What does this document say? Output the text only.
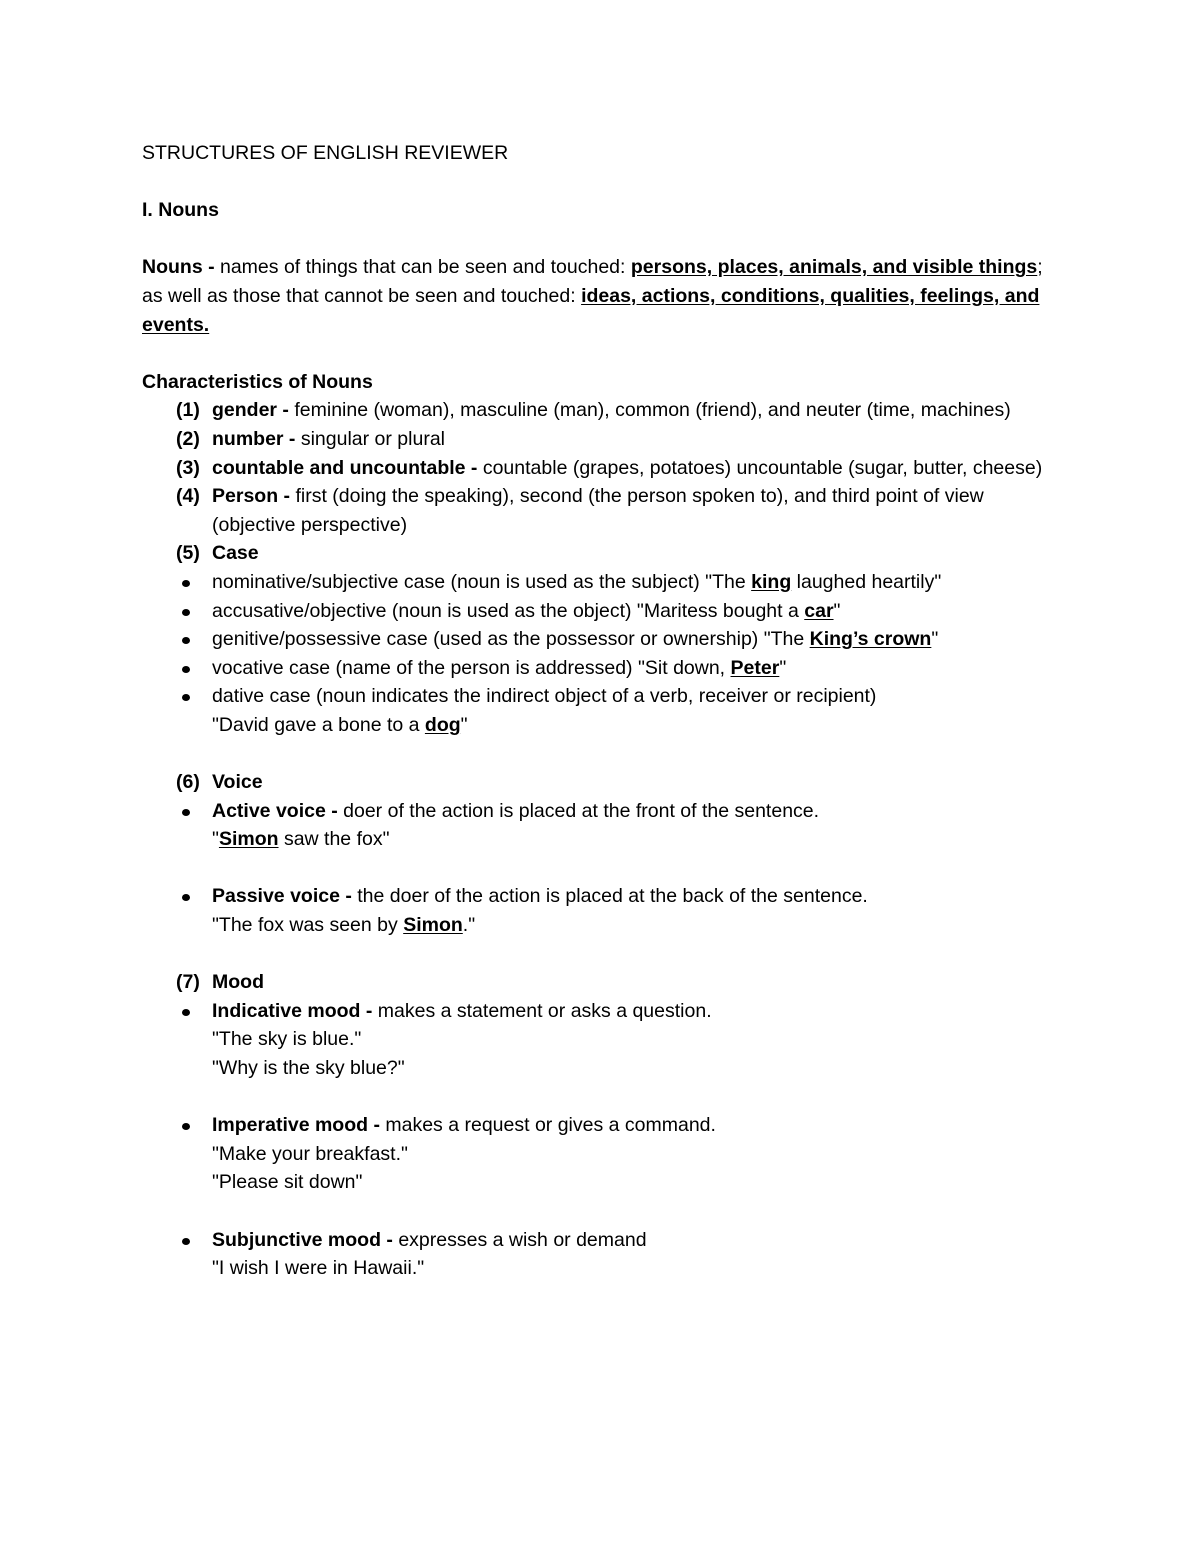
STRUCTURES OF ENGLISH REVIEWER

I. Nouns

Nouns - names of things that can be seen and touched: persons, places, animals, and visible things; as well as those that cannot be seen and touched: ideas, actions, conditions, qualities, feelings, and events.

Characteristics of Nouns

(1) gender - feminine (woman), masculine (man), common (friend), and neuter (time, machines)
(2) number - singular or plural
(3) countable and uncountable - countable (grapes, potatoes) uncountable (sugar, butter, cheese)
(4) Person - first (doing the speaking), second (the person spoken to), and third point of view (objective perspective)
(5) Case
nominative/subjective case (noun is used as the subject) "The king laughed heartily"
accusative/objective (noun is used as the object) "Maritess bought a car"
genitive/possessive case (used as the possessor or ownership) "The King’s crown"
vocative case (name of the person is addressed) "Sit down, Peter"
dative case (noun indicates the indirect object of a verb, receiver or recipient)
"David gave a bone to a dog"
(6) Voice
Active voice - doer of the action is placed at the front of the sentence.
"Simon saw the fox"
Passive voice - the doer of the action is placed at the back of the sentence.
"The fox was seen by Simon."
(7) Mood
Indicative mood - makes a statement or asks a question.
"The sky is blue."
"Why is the sky blue?"
Imperative mood - makes a request or gives a command.
"Make your breakfast."
"Please sit down"
Subjunctive mood - expresses a wish or demand
"I wish I were in Hawaii."
